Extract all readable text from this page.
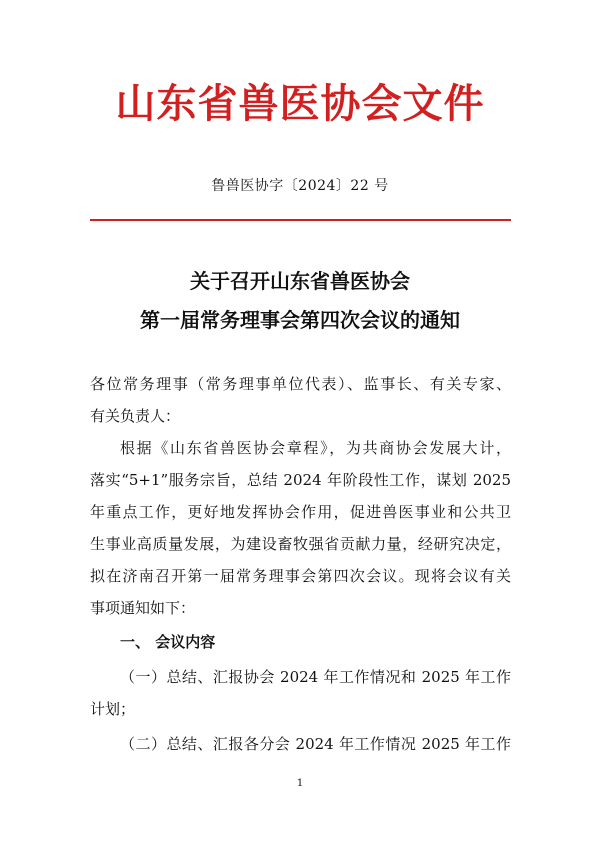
山东省兽医协会文件
鲁兽医协字〔2024〕22 号
关于召开山东省兽医协会
第一届常务理事会第四次会议的通知
各位常务理事（常务理事单位代表）、监事长、有关专家、
有关负责人：
根据《山东省兽医协会章程》，为共商协会发展大计，
落实“5+1”服务宗旨，总结 2024 年阶段性工作，谋划 2025
年重点工作，更好地发挥协会作用，促进兽医事业和公共卫
生事业高质量发展，为建设畜牧强省贡献力量，经研究决定，
拟在济南召开第一届常务理事会第四次会议。现将会议有关
事项通知如下：
一、 会议内容
（一）总结、汇报协会 2024 年工作情况和 2025 年工作
计划；
（二）总结、汇报各分会 2024 年工作情况 2025 年工作
1
